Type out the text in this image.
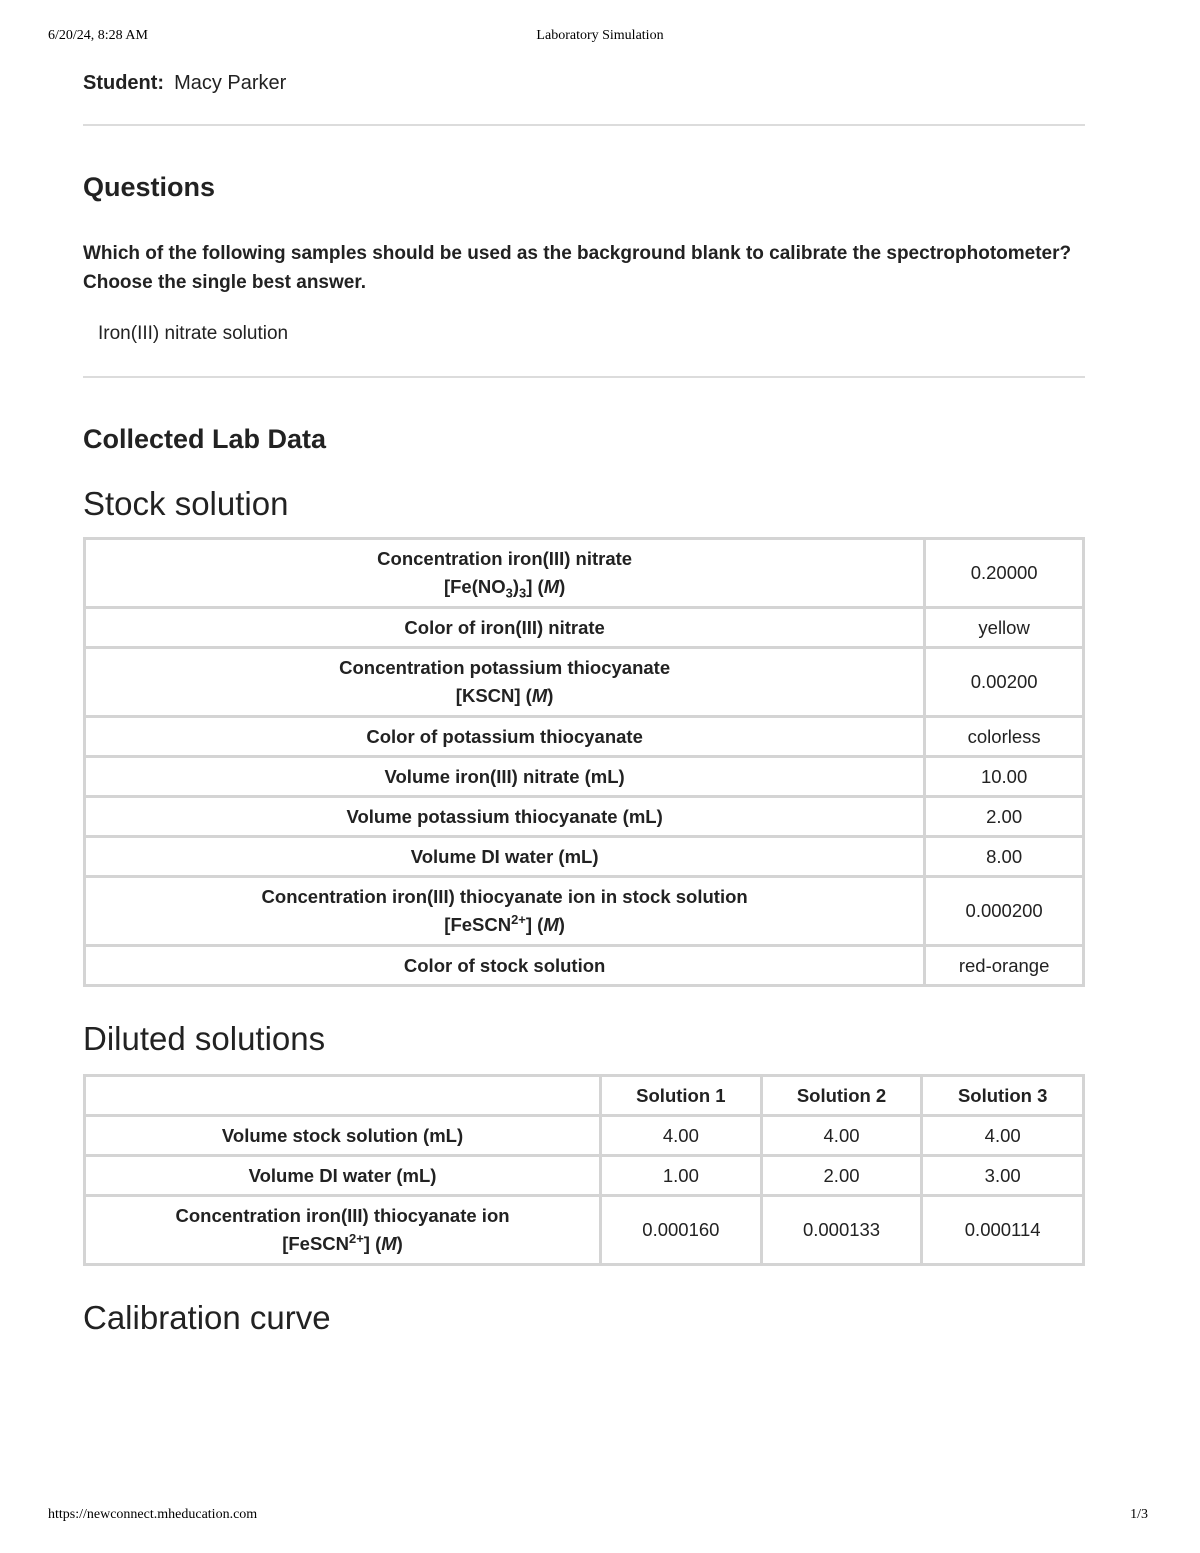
6/20/24, 8:28 AM	Laboratory Simulation
Student: Macy Parker
Questions
Which of the following samples should be used as the background blank to calibrate the spectrophotometer? Choose the single best answer.
Iron(III) nitrate solution
Collected Lab Data
Stock solution
Concentration iron(III) nitrate
$[Fe(NO_3)_3]$ (M)	0.20000
Color of iron(III) nitrate	yellow
Concentration potassium thiocyanate
[KSCN] (M)	0.00200
Color of potassium thiocyanate	colorless
Volume iron(III) nitrate (mL)	10.00
Volume potassium thiocyanate (mL)	2.00
Volume DI water (mL)	8.00
Concentration iron(III) thiocyanate ion in stock solution
[FeSCN$^{2+}$] (M)	0.000200
Color of stock solution	red-orange
Diluted solutions
	Solution 1	Solution 2	Solution 3
Volume stock solution (mL)	4.00	4.00	4.00
Volume DI water (mL)	1.00	2.00	3.00
Concentration iron(III) thiocyanate ion
[FeSCN$^{2+}$] (M)	0.000160	0.000133	0.000114
Calibration curve
https://newconnect.mheducation.com	1/3
